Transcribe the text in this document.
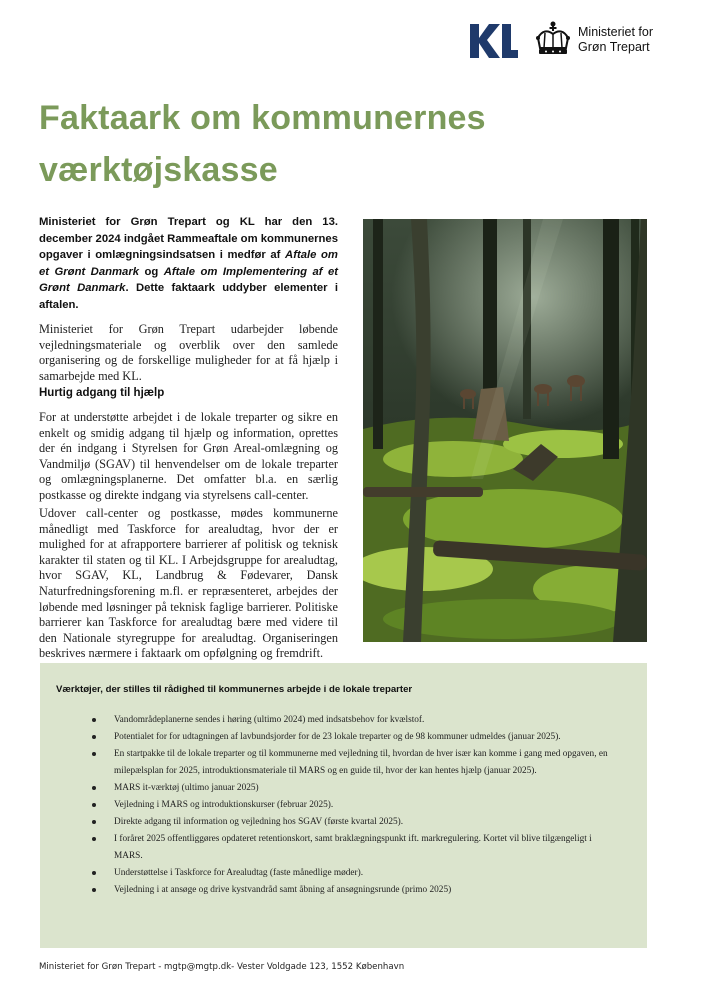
Ministeriet for
Grøn Trepart
Faktaark om kommunernes værktøjskasse

Ministeriet for Grøn Trepart og KL har den 13. december 2024 indgået Rammeaftale om kommunernes opgaver i omlægningsindsatsen i medfør af Aftale om et Grønt Danmark og Aftale om Implementering af et Grønt Danmark. Dette faktaark uddyber elementer i aftalen.

Ministeriet for Grøn Trepart udarbejder løbende vejledningsmateriale og overblik over den samlede organisering og de forskellige muligheder for at få hjælp i samarbejde med KL.

Hurtig adgang til hjælp

For at understøtte arbejdet i de lokale treparter og sikre en enkelt og smidig adgang til hjælp og information, oprettes der én indgang i Styrelsen for Grøn Areal-omlægning og Vandmiljø (SGAV) til henvendelser om de lokale treparter og omlægningsplanerne. Det omfatter bl.a. en særlig postkasse og direkte indgang via styrelsens call-center.

Udover call-center og postkasse, mødes kommunerne månedligt med Taskforce for arealudtag, hvor der er mulighed for at afrapportere barrierer af politisk og teknisk karakter til staten og til KL. I Arbejdsgruppe for arealudtag, hvor SGAV, KL, Landbrug & Fødevarer, Dansk Naturfredningsforening m.fl. er repræsenteret, arbejdes der løbende med løsninger på teknisk faglige barrierer. Politiske barrierer kan Taskforce for arealudtag bære med videre til den Nationale styregruppe for arealudtag. Organiseringen beskrives nærmere i faktaark om opfølgning og fremdrift.

Værktøjer, der stilles til rådighed til kommunernes arbejde i de lokale treparter
Vandområdeplanerne sendes i høring (ultimo 2024) med indsatsbehov for kvælstof.
Potentialet for for udtagningen af lavbundsjorder for de 23 lokale treparter og de 98 kommuner udmeldes (januar 2025).
En startpakke til de lokale treparter og til kommunerne med vejledning til, hvordan de hver især kan komme i gang med opgaven, en milepælsplan for 2025, introduktionsmateriale til MARS og en guide til, hvor der kan hentes hjælp (januar 2025).
MARS it-værktøj (ultimo januar 2025)
Vejledning i MARS og introduktionskurser (februar 2025).
Direkte adgang til information og vejledning hos SGAV (første kvartal 2025).
I foråret 2025 offentliggøres opdateret retentionskort, samt braklægningspunkt ift. markregulering. Kortet vil blive tilgængeligt i MARS.
Understøttelse i Taskforce for Arealudtag (faste månedlige møder).
Vejledning i at ansøge og drive kystvandråd samt åbning af ansøgningsrunde (primo 2025)

Ministeriet for Grøn Trepart - mgtp@mgtp.dk- Vester Voldgade 123, 1552 København
